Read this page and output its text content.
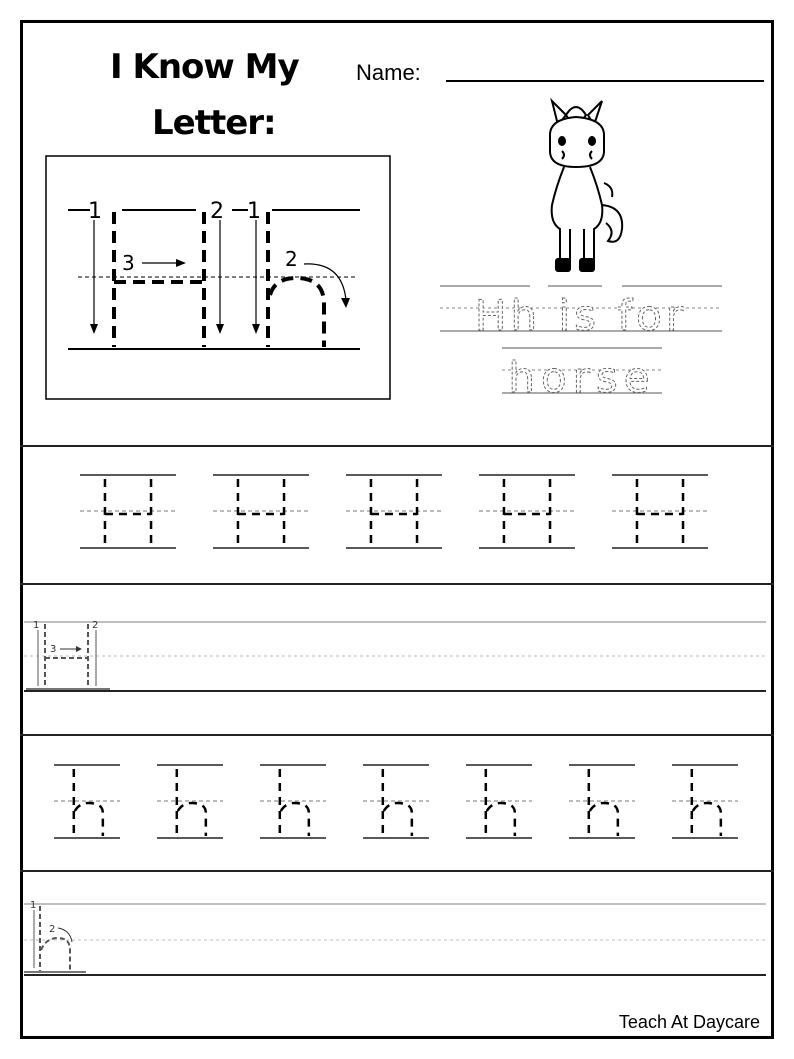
I Know My
Letter:
Name:
1	2 1
3	2
Hh is for
horse
1	2
3
1
2
Teach At Daycare
